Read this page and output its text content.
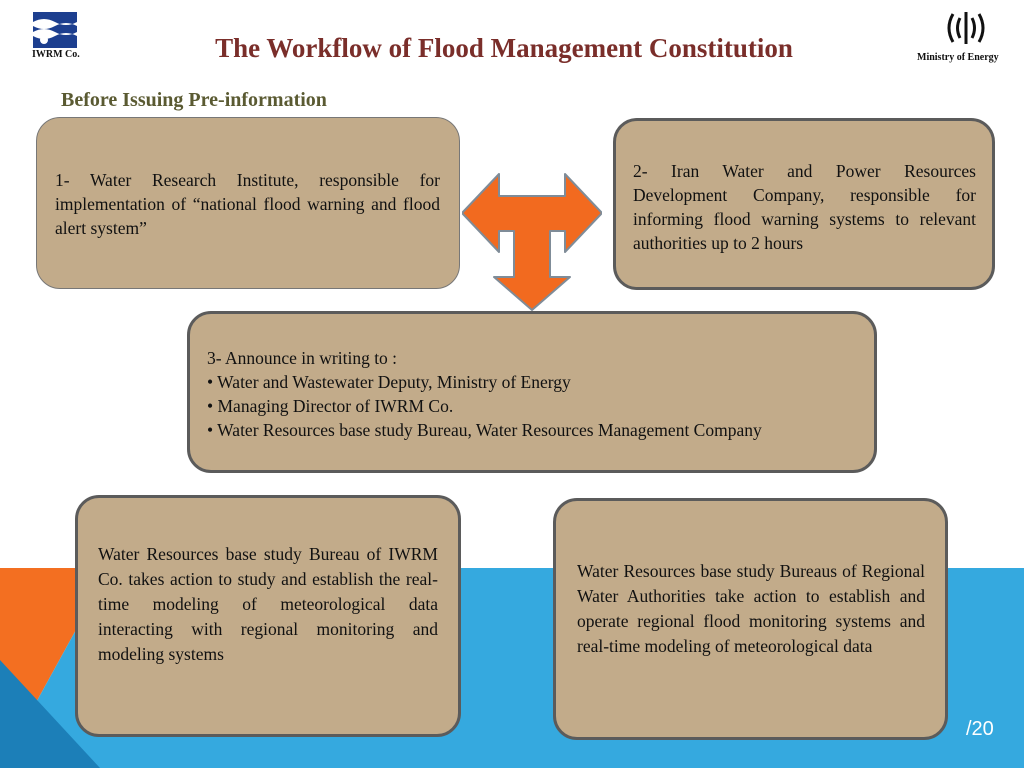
IWRM Co.	Ministry of Energy
The Workflow of Flood Management Constitution
Before Issuing Pre-information
1- Water Research Institute, responsible for implementation of “national flood warning and flood alert system”
2- Iran Water and Power Resources Development Company, responsible for informing flood warning systems to relevant authorities up to 2 hours
3- Announce in writing to :
• Water and Wastewater Deputy, Ministry of Energy
• Managing Director of IWRM Co.
• Water Resources base study Bureau, Water Resources Management Company
Water Resources base study Bureau of IWRM Co. takes action to study and establish the real-time modeling of meteorological data interacting with regional monitoring and modeling systems
Water Resources base study Bureaus of Regional Water Authorities take action to establish and operate regional flood monitoring systems and real-time modeling of meteorological data
/20
